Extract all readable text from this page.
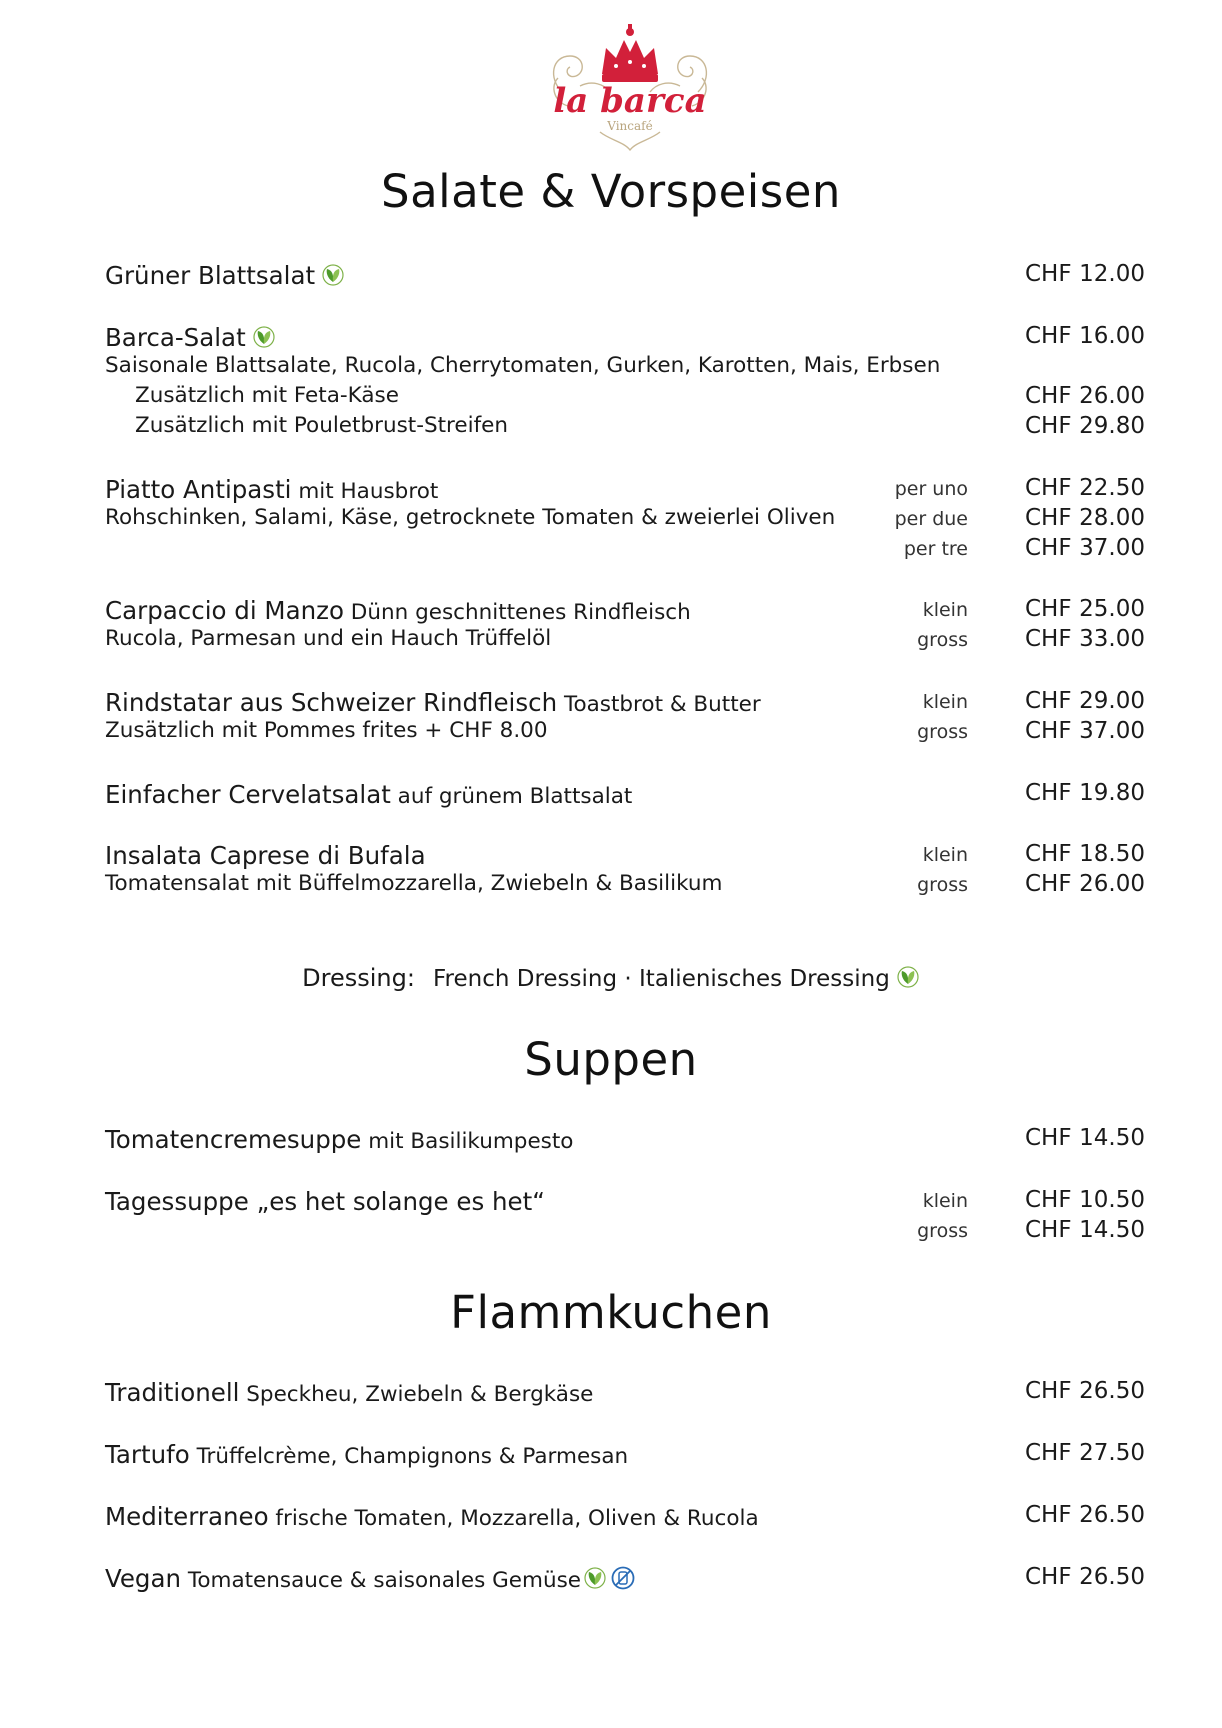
la barca
Vincafé
Salate & Vorspeisen
Suppen
Flammkuchen
Grüner Blattsalat	CHF 12.00
Barca-Salat	CHF 16.00
Saisonale Blattsalate, Rucola, Cherrytomaten, Gurken, Karotten, Mais, Erbsen
Zusätzlich mit Feta-Käse	CHF 26.00
Zusätzlich mit Pouletbrust-Streifen	CHF 29.80
Piatto Antipasti mit Hausbrot	per uno CHF 22.50
Rohschinken, Salami, Käse, getrocknete Tomaten & zweierlei Oliven	per due CHF 28.00
per tre CHF 37.00
Carpaccio di Manzo Dünn geschnittenes Rindfleisch	klein CHF 25.00
Rucola, Parmesan und ein Hauch Trüffelöl	gross CHF 33.00
Rindstatar aus Schweizer Rindfleisch Toastbrot & Butter	klein CHF 29.00
Zusätzlich mit Pommes frites + CHF 8.00	gross CHF 37.00
Einfacher Cervelatsalat auf grünem Blattsalat	CHF 19.80
Insalata Caprese di Bufala	klein CHF 18.50
Tomatensalat mit Büffelmozzarella, Zwiebeln & Basilikum	gross CHF 26.00
Dressing: French Dressing · Italienisches Dressing
Tomatencremesuppe mit Basilikumpesto	CHF 14.50
Tagessuppe „es het solange es het“	klein CHF 10.50
gross CHF 14.50
Traditionell Speckheu, Zwiebeln & Bergkäse	CHF 26.50
Tartufo Trüffelcrème, Champignons & Parmesan	CHF 27.50
Mediterraneo frische Tomaten, Mozzarella, Oliven & Rucola	CHF 26.50
Vegan Tomatensauce & saisonales Gemüse	CHF 26.50
